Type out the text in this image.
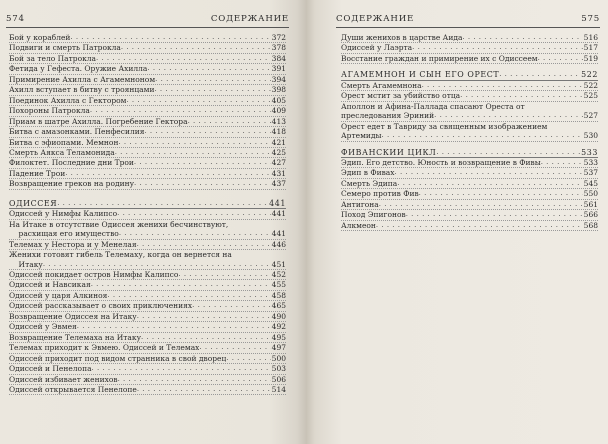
574	СОДЕРЖАНИЕ
Бой у кораблей . . .	372
Подвиги и смерть Патрокла . . .	378
Бой за тело Патрокла . . .	384
Фетида у Гефеста. Оружие Ахилла . . .	391
Примирение Ахилла с Агамемноном . . .	394
Ахилл вступает в битву с троянцами . . .	398
Поединок Ахилла с Гектором . . .	405
Похороны Патрокла . . .	409
Приам в шатре Ахилла. Погребение Гектора . . .	413
Битва с амазонками. Пенфесилия . . .	418
Битва с эфиопами. Мемнон . . .	421
Смерть Аякса Теламонида . . .	425
Филоктет. Последние дни Трои . . .	427
Падение Трои . . .	431
Возвращение греков на родину . . .	437
ОДИССЕЯ . . .	441
Одиссей у Нимфы Калипсо . . .	441
На Итаке в отсутствие Одиссея женихи бесчинствуют,
расхищая его имущество . . .	441
Телемах у Нестора и у Менелая . . .	446
Женихи готовят гибель Телемаху, когда он вернется на
Итаку . . .	451
Одиссей покидает остров Нимфы Калипсо . . .	452
Одиссей и Навсикая . . .	455
Одиссей у царя Алкиноя . . .	458
Одиссей рассказывает о своих приключениях . . .	465
Возвращение Одиссея на Итаку . . .	490
Одиссей у Эвмея . . .	492
Возвращение Телемаха на Итаку . . .	495
Телемах приходит к Эвмею. Одиссей и Телемах . . .	497
Одиссей приходит под видом странника в свой дворец . . .	500
Одиссей и Пенелопа . . .	503
Одиссей избивает женихов . . .	506
Одиссей открывается Пенелопе . . .	514
СОДЕРЖАНИЕ	575
Души женихов в царстве Аида . . .	516
Одиссей у Лаэрта . . .	517
Восстание граждан и примирение их с Одиссеем . . .	519
АГАМЕМНОН И СЫН ЕГО ОРЕСТ . . .	522
Смерть Агамемнона . . .	522
Орест мстит за убийство отца . . .	525
Аполлон и Афина-Паллада спасают Ореста от
преследования Эриний . . .	527
Орест едет в Тавриду за священным изображением
Артемиды . . .	530
ФИВАНСКИЙ ЦИКЛ . . .	533
Эдип. Его детство. Юность и возвращение в Фивы . . .	533
Эдип в Фивах . . .	537
Смерть Эдипа . . .	545
Семеро против Фив . . .	550
Антигона . . .	561
Поход Эпигонов . . .	566
Алкмеон . . .	568
